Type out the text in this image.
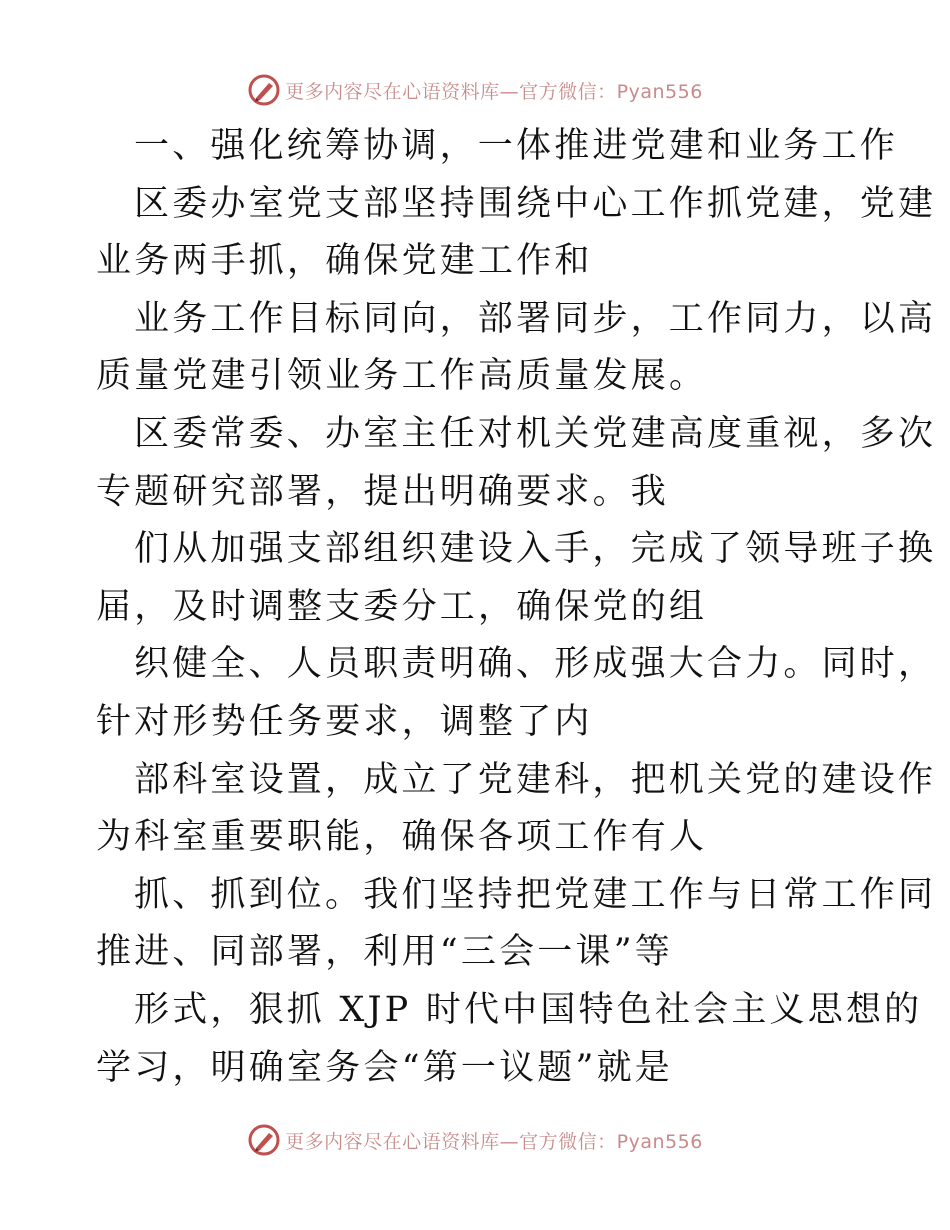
更多内容尽在心语资料库—官方微信：Pyan556
一、强化统筹协调，一体推进党建和业务工作
区委办室党支部坚持围绕中心工作抓党建，党建
业务两手抓，确保党建工作和
业务工作目标同向，部署同步，工作同力，以高
质量党建引领业务工作高质量发展。
区委常委、办室主任对机关党建高度重视，多次
专题研究部署，提出明确要求。我
们从加强支部组织建设入手，完成了领导班子换
届，及时调整支委分工，确保党的组
织健全、人员职责明确、形成强大合力。同时，
针对形势任务要求，调整了内
部科室设置，成立了党建科，把机关党的建设作
为科室重要职能，确保各项工作有人
抓、抓到位。我们坚持把党建工作与日常工作同
推进、同部署，利用“三会一课”等
形式，狠抓 XJP 时代中国特色社会主义思想的
学习，明确室务会“第一议题”就是
更多内容尽在心语资料库—官方微信：Pyan556
